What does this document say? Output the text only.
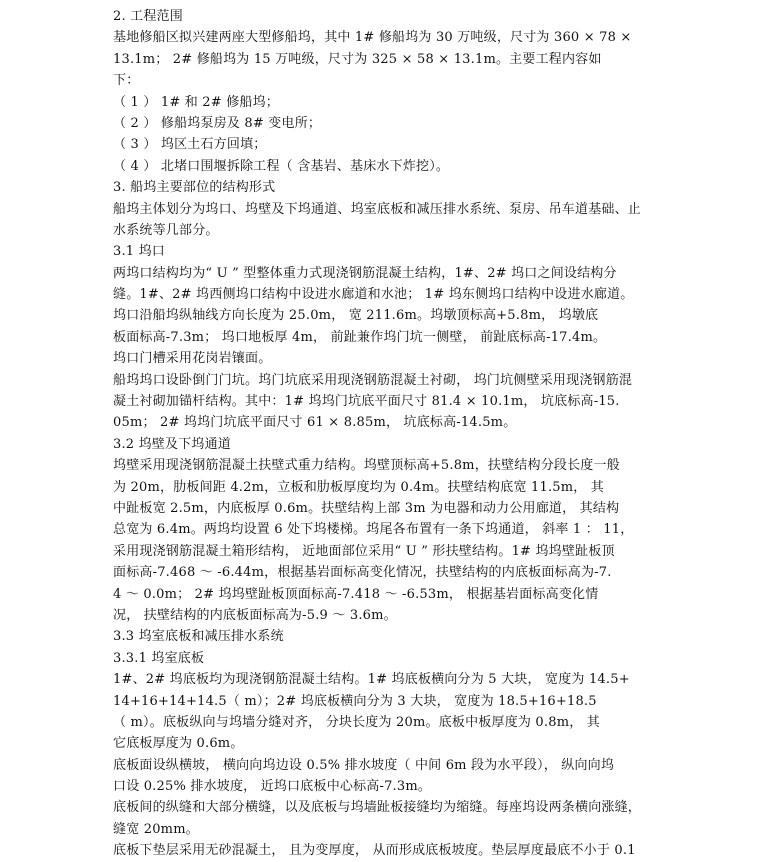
2. 工程范围
基地修船区拟兴建两座大型修船坞，其中 1# 修船坞为 30 万吨级，尺寸为 360 × 78 ×
13.1m； 2# 修船坞为 15 万吨级，尺寸为 325 × 58 × 13.1m。主要工程内容如
下：
（ 1 ） 1# 和 2# 修船坞；
（ 2 ） 修船坞泵房及 8# 变电所；
（ 3 ） 坞区土石方回填；
（ 4 ） 北堵口围堰拆除工程（ 含基岩、基床水下炸挖）。
3. 船坞主要部位的结构形式
船坞主体划分为坞口、坞壁及下坞通道、坞室底板和减压排水系统、泵房、吊车道基础、止
水系统等几部分。
3.1 坞口
两坞口结构均为“ U ” 型整体重力式现浇钢筋混凝土结构，1#、2# 坞口之间设结构分
缝。1#、2# 坞西侧坞口结构中设进水廊道和水池； 1# 坞东侧坞口结构中设进水廊道。
坞口沿船坞纵轴线方向长度为 25.0m， 宽 211.6m。坞墩顶标高+5.8m， 坞墩底
板面标高-7.3m； 坞口地板厚 4m， 前趾兼作坞门坑一侧壁， 前趾底标高-17.4m。
坞口门槽采用花岗岩镶面。
船坞坞口设卧倒门门坑。坞门坑底采用现浇钢筋混凝土衬砌， 坞门坑侧壁采用现浇钢筋混
凝土衬砌加锚杆结构。其中：1# 坞坞门坑底平面尺寸 81.4 × 10.1m， 坑底标高-15.
05m； 2# 坞坞门坑底平面尺寸 61 × 8.85m， 坑底标高-14.5m。
3.2 坞壁及下坞通道
坞壁采用现浇钢筋混凝土扶壁式重力结构。坞壁顶标高+5.8m，扶壁结构分段长度一般
为 20m，肋板间距 4.2m，立板和肋板厚度均为 0.4m。扶壁结构底宽 11.5m， 其
中趾板宽 2.5m，内底板厚 0.6m。扶壁结构上部 3m 为电器和动力公用廊道， 其结构
总宽为 6.4m。两坞均设置 6 处下坞楼梯。坞尾各布置有一条下坞通道， 斜率 1 ： 11，
采用现浇钢筋混凝土箱形结构， 近地面部位采用“ U ” 形扶壁结构。1# 坞坞壁趾板顶
面标高-7.468 ～ -6.44m，根据基岩面标高变化情况，扶壁结构的内底板面标高为-7.
4 ～ 0.0m； 2# 坞坞壁趾板顶面标高-7.418 ～ -6.53m， 根据基岩面标高变化情
况， 扶壁结构的内底板面标高为-5.9 ～ 3.6m。
3.3 坞室底板和减压排水系统
3.3.1 坞室底板
1#、2# 坞底板均为现浇钢筋混凝土结构。1# 坞底板横向分为 5 大块， 宽度为 14.5+
14+16+14+14.5（ m）；2# 坞底板横向分为 3 大块， 宽度为 18.5+16+18.5
（ m）。底板纵向与坞墙分缝对齐， 分块长度为 20m。底板中板厚度为 0.8m， 其
它底板厚度为 0.6m。
底板面设纵横坡， 横向向坞边设 0.5% 排水坡度（ 中间 6m 段为水平段）， 纵向向坞
口设 0.25% 排水坡度， 近坞口底板中心标高-7.3m。
底板间的纵缝和大部分横缝，以及底板与坞墙趾板接缝均为缩缝。每座坞设两条横向涨缝，
缝宽 20mm。
底板下垫层采用无砂混凝土， 且为变厚度， 从而形成底板坡度。垫层厚度最底不小于 0.1
